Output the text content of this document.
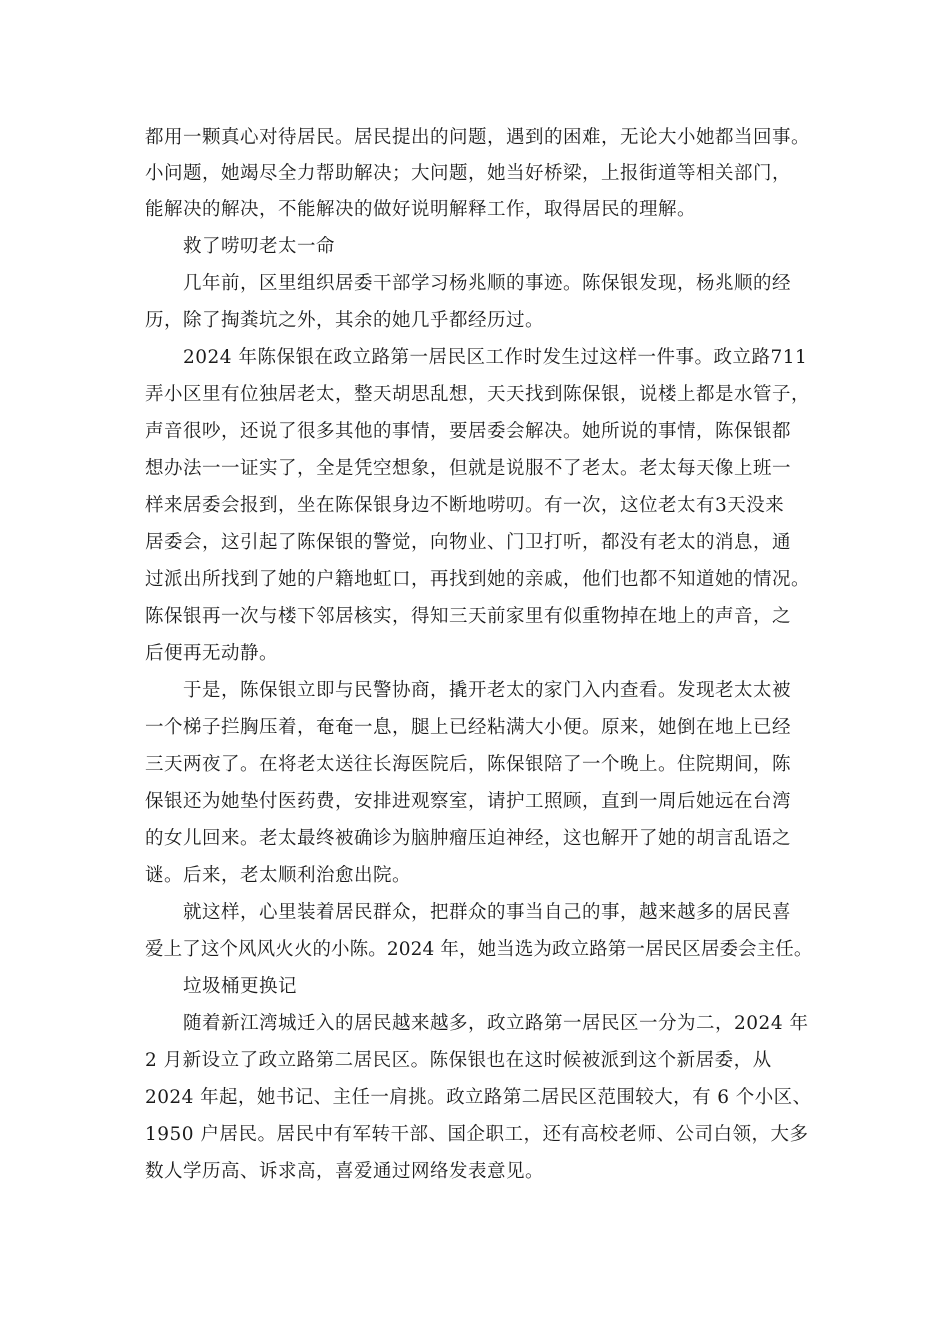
都用一颗真心对待居民。居民提出的问题，遇到的困难，无论大小她都当回事。
小问题，她竭尽全力帮助解决；大问题，她当好桥梁，上报街道等相关部门，
能解决的解决，不能解决的做好说明解释工作，取得居民的理解。
救了唠叨老太一命
几年前，区里组织居委干部学习杨兆顺的事迹。陈保银发现，杨兆顺的经
历，除了掏粪坑之外，其余的她几乎都经历过。
2024 年陈保银在政立路第一居民区工作时发生过这样一件事。政立路711
弄小区里有位独居老太，整天胡思乱想，天天找到陈保银，说楼上都是水管子，
声音很吵，还说了很多其他的事情，要居委会解决。她所说的事情，陈保银都
想办法一一证实了，全是凭空想象，但就是说服不了老太。老太每天像上班一
样来居委会报到，坐在陈保银身边不断地唠叨。有一次，这位老太有3天没来
居委会，这引起了陈保银的警觉，向物业、门卫打听，都没有老太的消息，通
过派出所找到了她的户籍地虹口，再找到她的亲戚，他们也都不知道她的情况。
陈保银再一次与楼下邻居核实，得知三天前家里有似重物掉在地上的声音，之
后便再无动静。
于是，陈保银立即与民警协商，撬开老太的家门入内查看。发现老太太被
一个梯子拦胸压着，奄奄一息，腿上已经粘满大小便。原来，她倒在地上已经
三天两夜了。在将老太送往长海医院后，陈保银陪了一个晚上。住院期间，陈
保银还为她垫付医药费，安排进观察室，请护工照顾，直到一周后她远在台湾
的女儿回来。老太最终被确诊为脑肿瘤压迫神经，这也解开了她的胡言乱语之
谜。后来，老太顺利治愈出院。
就这样，心里装着居民群众，把群众的事当自己的事，越来越多的居民喜
爱上了这个风风火火的小陈。2024 年，她当选为政立路第一居民区居委会主任。
垃圾桶更换记
随着新江湾城迁入的居民越来越多，政立路第一居民区一分为二，2024 年
2 月新设立了政立路第二居民区。陈保银也在这时候被派到这个新居委，从
2024 年起，她书记、主任一肩挑。政立路第二居民区范围较大，有 6 个小区、
1950 户居民。居民中有军转干部、国企职工，还有高校老师、公司白领，大多
数人学历高、诉求高，喜爱通过网络发表意见。
